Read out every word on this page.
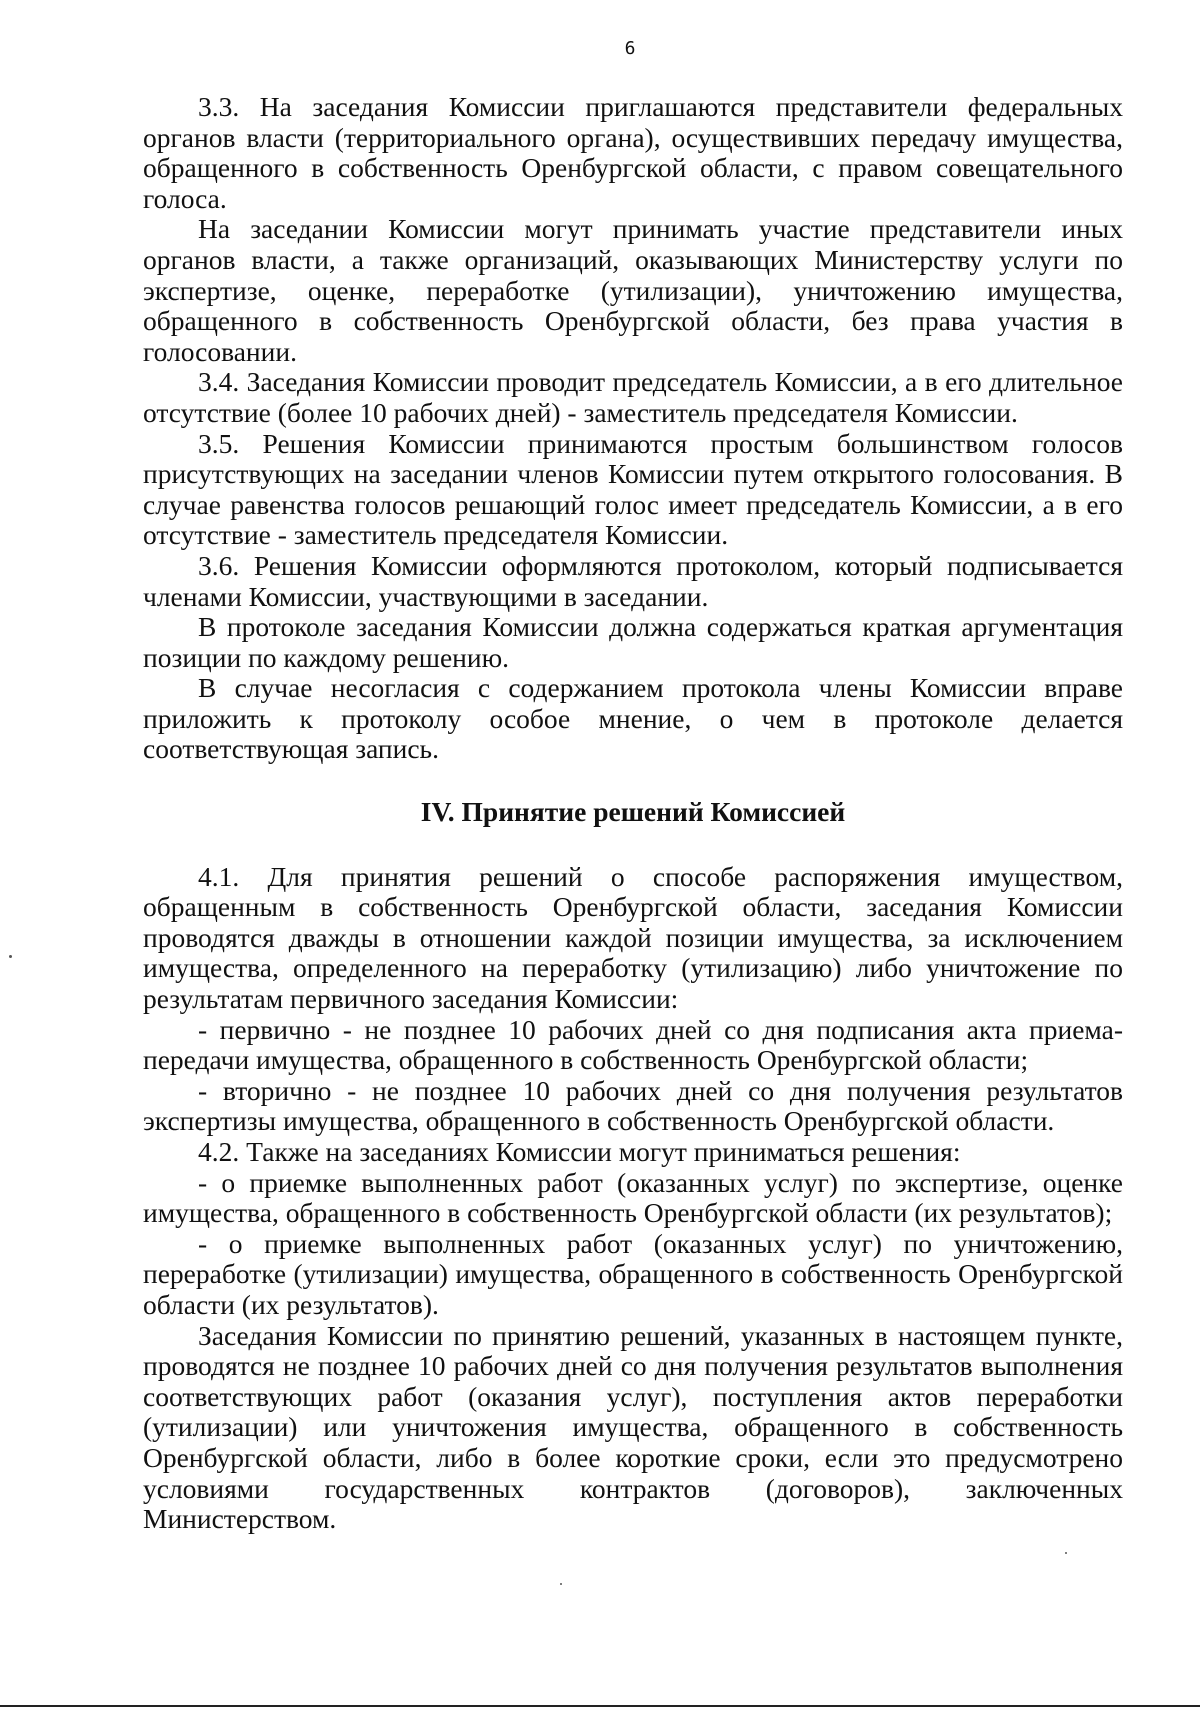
6

3.3. На заседания Комиссии приглашаются представители федеральных органов власти (территориального органа), осуществивших передачу имущества, обращенного в собственность Оренбургской области, с правом совещательного голоса.

На заседании Комиссии могут принимать участие представители иных органов власти, а также организаций, оказывающих Министерству услуги по экспертизе, оценке, переработке (утилизации), уничтожению имущества, обращенного в собственность Оренбургской области, без права участия в голосовании.

3.4. Заседания Комиссии проводит председатель Комиссии, а в его длительное отсутствие (более 10 рабочих дней) - заместитель председателя Комиссии.

3.5. Решения Комиссии принимаются простым большинством голосов присутствующих на заседании членов Комиссии путем открытого голосования. В случае равенства голосов решающий голос имеет председатель Комиссии, а в его отсутствие - заместитель председателя Комиссии.

3.6. Решения Комиссии оформляются протоколом, который подписывается членами Комиссии, участвующими в заседании.

В протоколе заседания Комиссии должна содержаться краткая аргументация позиции по каждому решению.

В случае несогласия с содержанием протокола члены Комиссии вправе приложить к протоколу особое мнение, о чем в протоколе делается соответствующая запись.

IV. Принятие решений Комиссией

4.1. Для принятия решений о способе распоряжения имуществом, обращенным в собственность Оренбургской области, заседания Комиссии проводятся дважды в отношении каждой позиции имущества, за исключением имущества, определенного на переработку (утилизацию) либо уничтожение по результатам первичного заседания Комиссии:

- первично - не позднее 10 рабочих дней со дня подписания акта приема-передачи имущества, обращенного в собственность Оренбургской области;

- вторично - не позднее 10 рабочих дней со дня получения результатов экспертизы имущества, обращенного в собственность Оренбургской области.

4.2. Также на заседаниях Комиссии могут приниматься решения:

- о приемке выполненных работ (оказанных услуг) по экспертизе, оценке имущества, обращенного в собственность Оренбургской области (их результатов);

- о приемке выполненных работ (оказанных услуг) по уничтожению, переработке (утилизации) имущества, обращенного в собственность Оренбургской области (их результатов).

Заседания Комиссии по принятию решений, указанных в настоящем пункте, проводятся не позднее 10 рабочих дней со дня получения результатов выполнения соответствующих работ (оказания услуг), поступления актов переработки (утилизации) или уничтожения имущества, обращенного в собственность Оренбургской области, либо в более короткие сроки, если это предусмотрено условиями государственных контрактов (договоров), заключенных Министерством.
